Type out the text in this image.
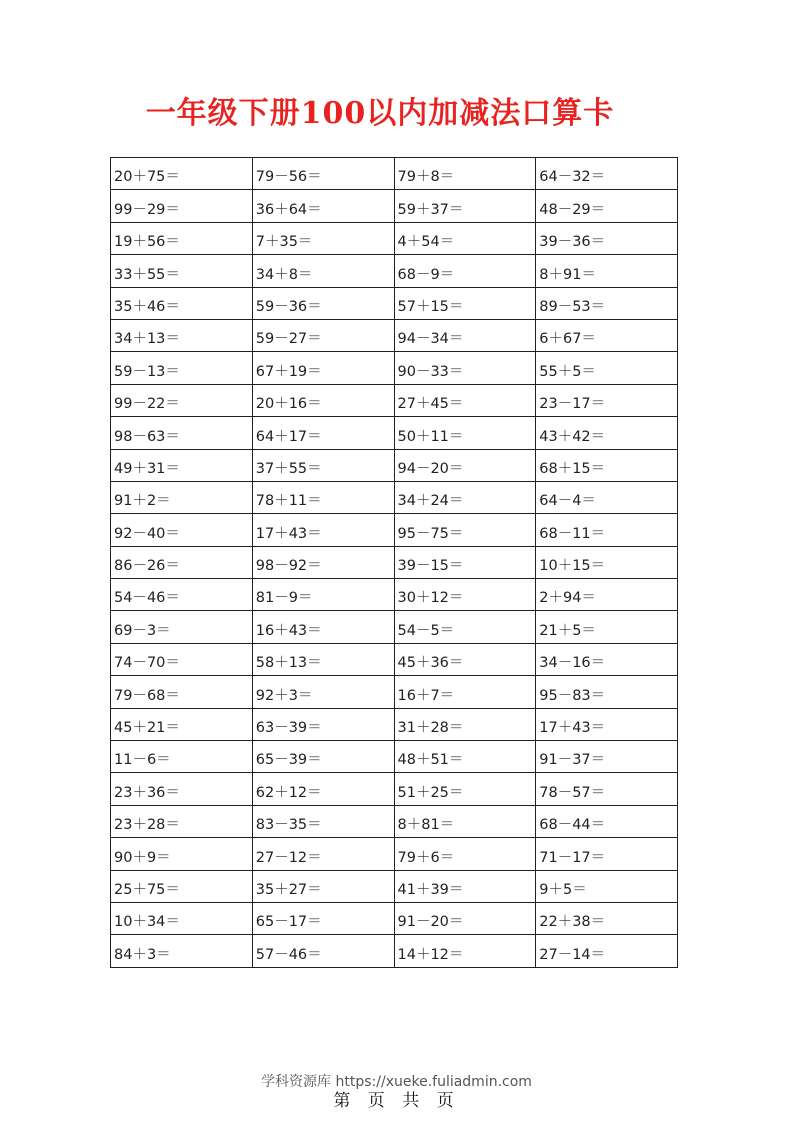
一年级下册100以内加减法口算卡
20＋75＝	79－56＝	79＋8＝	64－32＝
99－29＝	36＋64＝	59＋37＝	48－29＝
19＋56＝	7＋35＝	4＋54＝	39－36＝
33＋55＝	34＋8＝	68－9＝	8＋91＝
35＋46＝	59－36＝	57＋15＝	89－53＝
34＋13＝	59－27＝	94－34＝	6＋67＝
59－13＝	67＋19＝	90－33＝	55＋5＝
99－22＝	20＋16＝	27＋45＝	23－17＝
98－63＝	64＋17＝	50＋11＝	43＋42＝
49＋31＝	37＋55＝	94－20＝	68＋15＝
91＋2＝	78＋11＝	34＋24＝	64－4＝
92－40＝	17＋43＝	95－75＝	68－11＝
86－26＝	98－92＝	39－15＝	10＋15＝
54－46＝	81－9＝	30＋12＝	2＋94＝
69－3＝	16＋43＝	54－5＝	21＋5＝
74－70＝	58＋13＝	45＋36＝	34－16＝
79－68＝	92＋3＝	16＋7＝	95－83＝
45＋21＝	63－39＝	31＋28＝	17＋43＝
11－6＝	65－39＝	48＋51＝	91－37＝
23＋36＝	62＋12＝	51＋25＝	78－57＝
23＋28＝	83－35＝	8＋81＝	68－44＝
90＋9＝	27－12＝	79＋6＝	71－17＝
25＋75＝	35＋27＝	41＋39＝	9＋5＝
10＋34＝	65－17＝	91－20＝	22＋38＝
84＋3＝	57－46＝	14＋12＝	27－14＝
学科资源库 https://xueke.fuliadmin.com
第 页 共 页
